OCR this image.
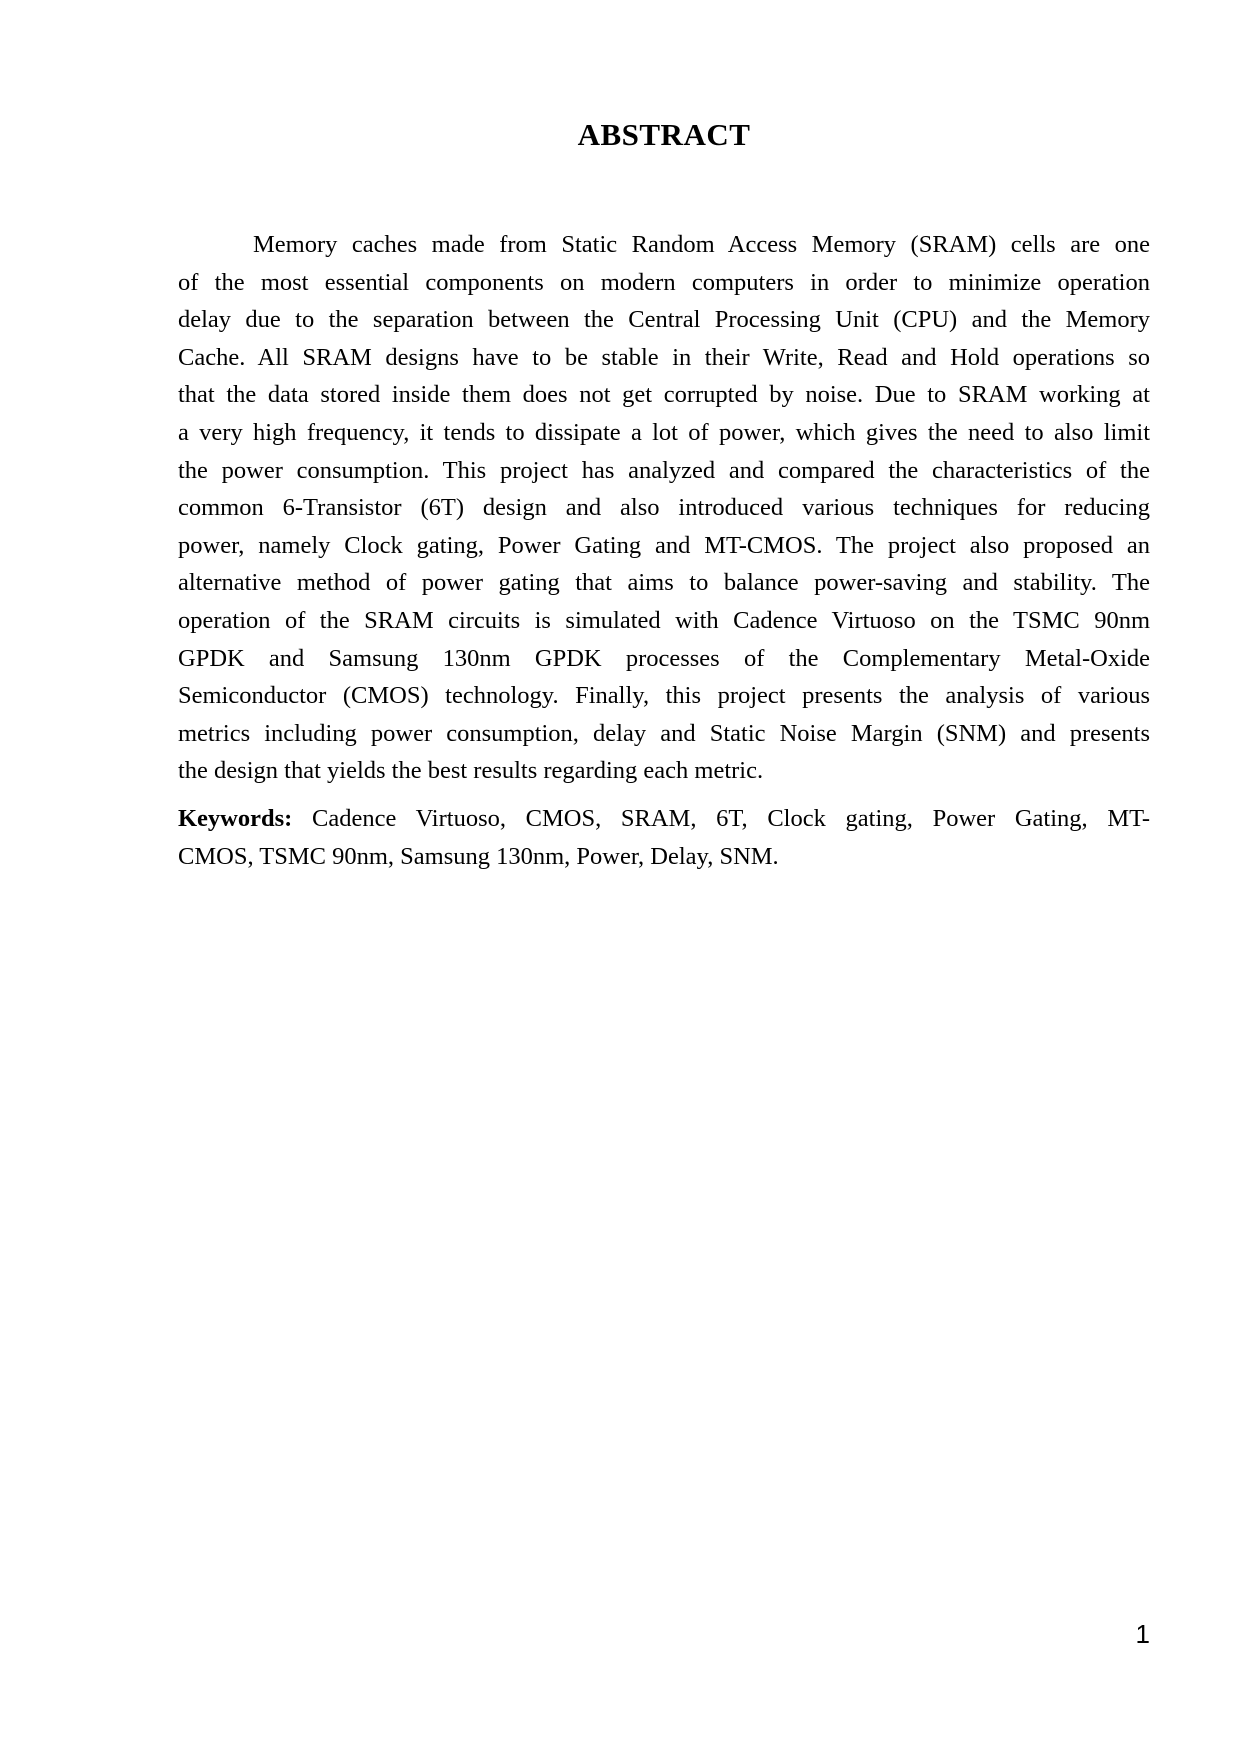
ABSTRACT
Memory caches made from Static Random Access Memory (SRAM) cells are one
of the most essential components on modern computers in order to minimize operation
delay due to the separation between the Central Processing Unit (CPU) and the Memory
Cache. All SRAM designs have to be stable in their Write, Read and Hold operations so
that the data stored inside them does not get corrupted by noise. Due to SRAM working at
a very high frequency, it tends to dissipate a lot of power, which gives the need to also limit
the power consumption. This project has analyzed and compared the characteristics of the
common 6-Transistor (6T) design and also introduced various techniques for reducing
power, namely Clock gating, Power Gating and MT-CMOS. The project also proposed an
alternative method of power gating that aims to balance power-saving and stability. The
operation of the SRAM circuits is simulated with Cadence Virtuoso on the TSMC 90nm
GPDK and Samsung 130nm GPDK processes of the Complementary Metal-Oxide
Semiconductor (CMOS) technology. Finally, this project presents the analysis of various
metrics including power consumption, delay and Static Noise Margin (SNM) and presents
the design that yields the best results regarding each metric.
Keywords: Cadence Virtuoso, CMOS, SRAM, 6T, Clock gating, Power Gating, MT-
CMOS, TSMC 90nm, Samsung 130nm, Power, Delay, SNM.
1
